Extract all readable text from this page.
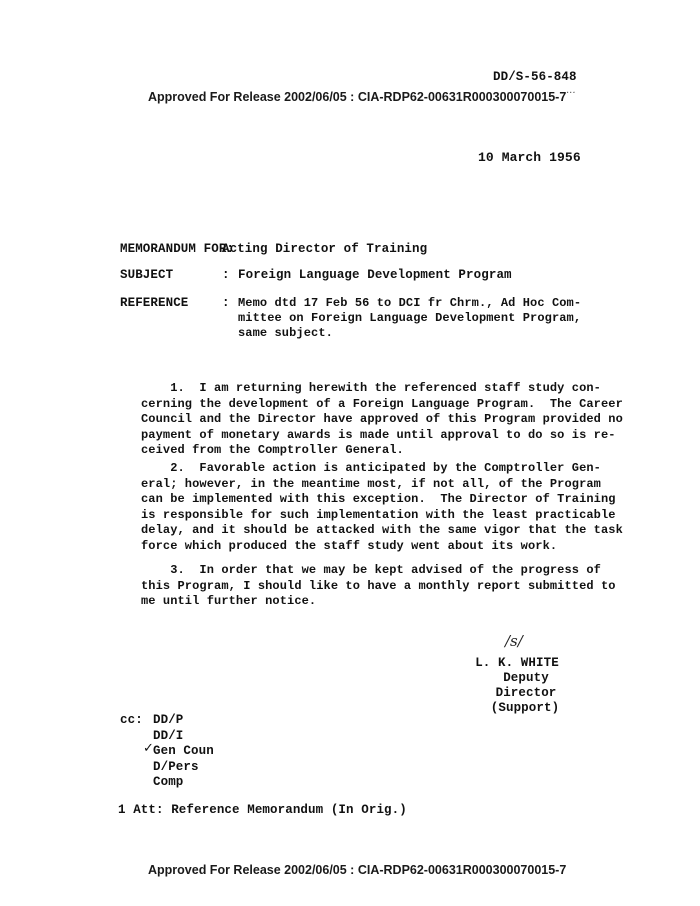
DD/S-56-848
Approved For Release 2002/06/05 : CIA-RDP62-00631R000300070015-7 ···
10 March 1956
MEMORANDUM FOR:Acting Director of Training
SUBJECT	: Foreign Language Development Program
REFERENCE	: Memo dtd 17 Feb 56 to DCI fr Chrm., Ad Hoc Com-
mittee on Foreign Language Development Program,
same subject.
1.  I am returning herewith the referenced staff study con-
cerning the development of a Foreign Language Program.  The Career
Council and the Director have approved of this Program provided no
payment of monetary awards is made until approval to do so is re-
ceived from the Comptroller General.
2.  Favorable action is anticipated by the Comptroller Gen-
eral; however, in the meantime most, if not all, of the Program
can be implemented with this exception.  The Director of Training
is responsible for such implementation with the least practicable
delay, and it should be attacked with the same vigor that the task
force which produced the staff study went about its work.
3.  In order that we may be kept advised of the progress of
this Program, I should like to have a monthly report submitted to
me until further notice.
/s/
L. K. WHITE
Deputy Director
(Support)
cc: DD/P
DD/I
Gen Coun
D/Pers
Comp
✓
1 Att: Reference Memorandum (In Orig.)
Approved For Release 2002/06/05 : CIA-RDP62-00631R000300070015-7
